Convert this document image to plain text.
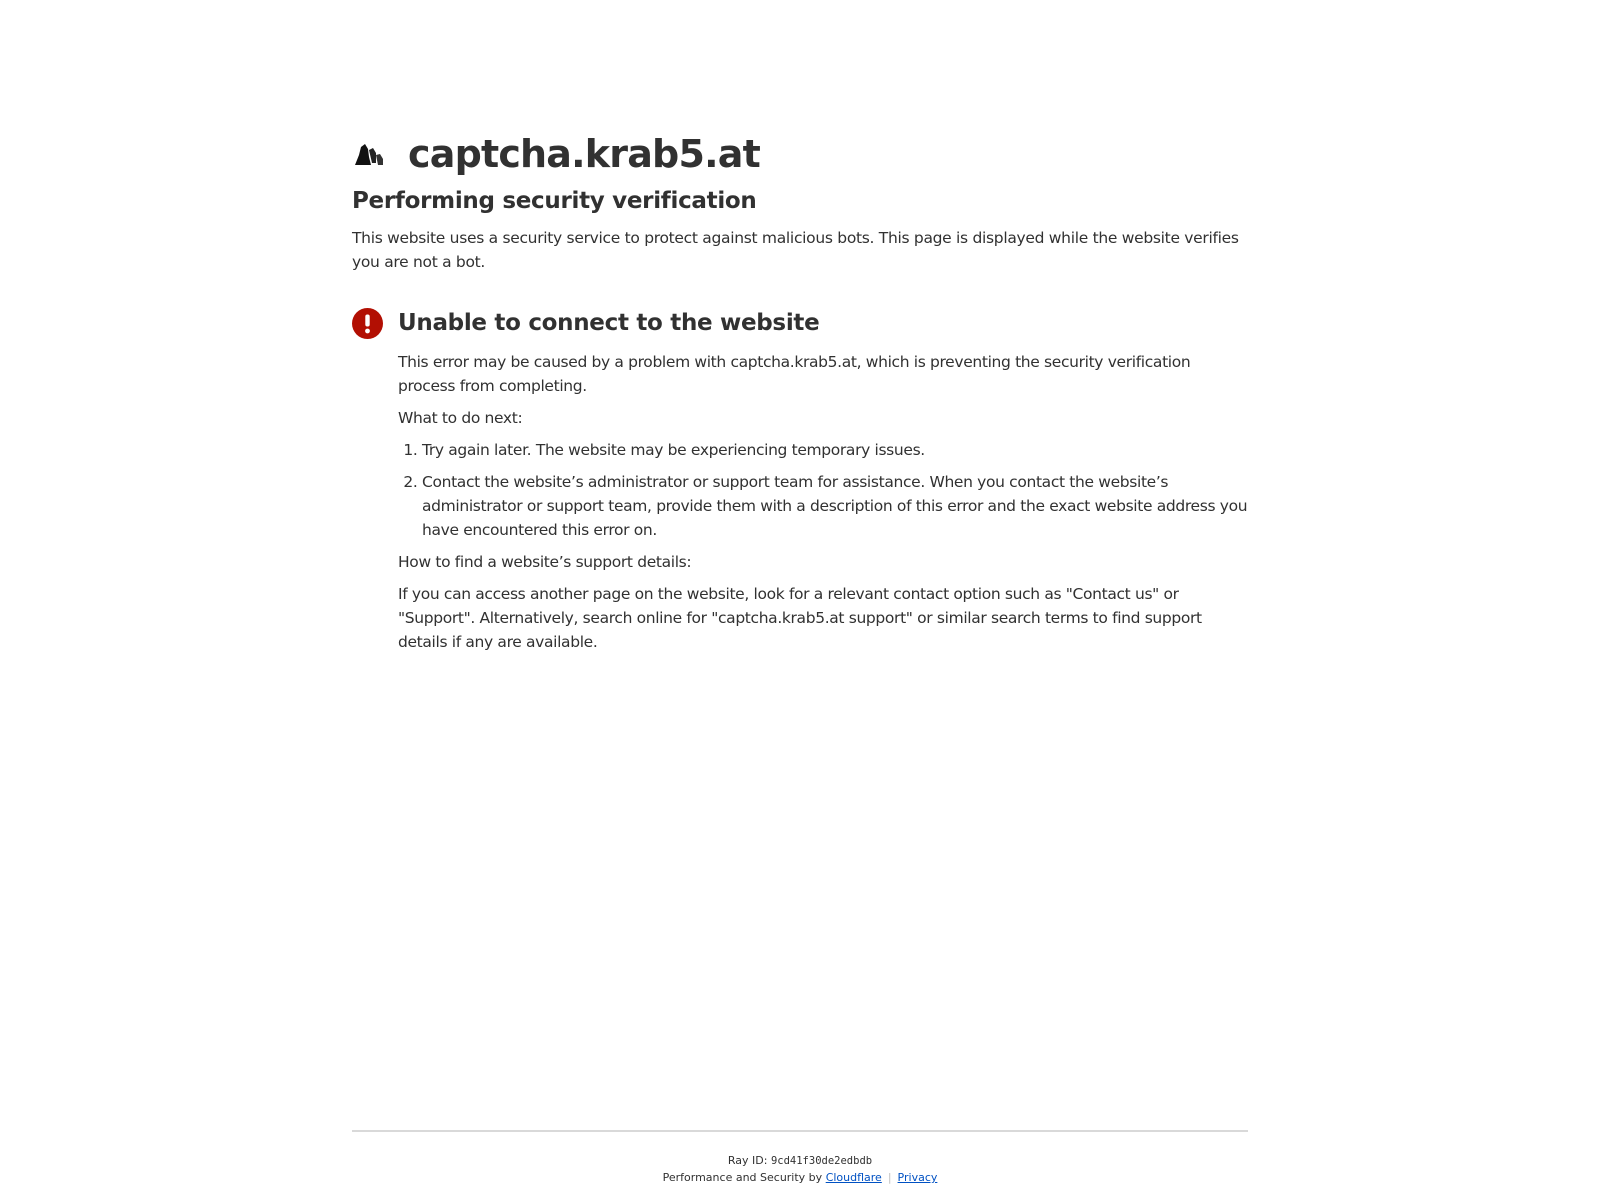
captcha.krab5.at
Performing security verification
This website uses a security service to protect against malicious bots. This page is displayed while the website verifies you are not a bot.
Unable to connect to the website
This error may be caused by a problem with captcha.krab5.at, which is preventing the security verification process from completing.
What to do next:
1. Try again later. The website may be experiencing temporary issues.
2. Contact the website’s administrator or support team for assistance. When you contact the website’s administrator or support team, provide them with a description of this error and the exact website address you have encountered this error on.
How to find a website’s support details:
If you can access another page on the website, look for a relevant contact option such as "Contact us" or "Support". Alternatively, search online for "captcha.krab5.at support" or similar search terms to find support details if any are available.
Ray ID: 9cd41f30de2edbdb
Performance and Security by Cloudflare | Privacy
